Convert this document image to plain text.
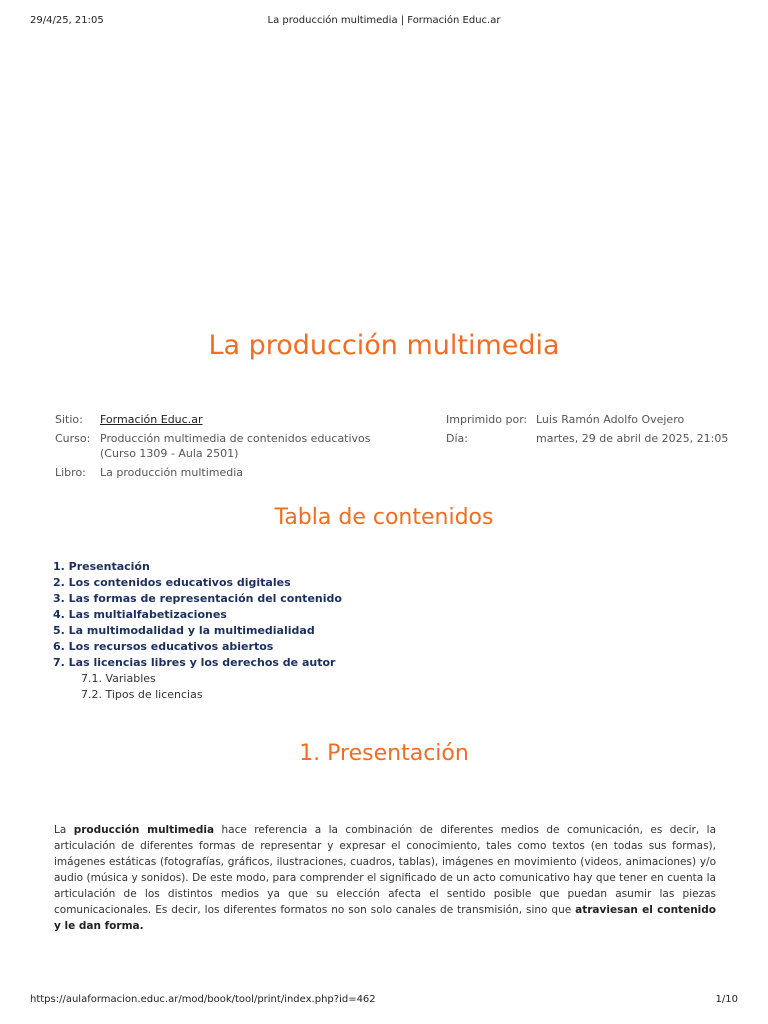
29/4/25, 21:05	La producción multimedia | Formación Educ.ar
La producción multimedia
Sitio:	Formación Educ.ar
Curso: Producción multimedia de contenidos educativos (Curso 1309 - Aula 2501)
Libro:	La producción multimedia
Imprimido por: Luis Ramón Adolfo Ovejero
Día:	martes, 29 de abril de 2025, 21:05
Tabla de contenidos
1. Presentación
2. Los contenidos educativos digitales
3. Las formas de representación del contenido
4. Las multialfabetizaciones
5. La multimodalidad y la multimedialidad
6. Los recursos educativos abiertos
7. Las licencias libres y los derechos de autor
7.1. Variables
7.2. Tipos de licencias
1. Presentación

La producción multimedia hace referencia a la combinación de diferentes medios de comunicación, es decir, la articulación de diferentes formas de representar y expresar el conocimiento, tales como textos (en todas sus formas), imágenes estáticas (fotografías, gráficos, ilustraciones, cuadros, tablas), imágenes en movimiento (videos, animaciones) y/o audio (música y sonidos). De este modo, para comprender el significado de un acto comunicativo hay que tener en cuenta la articulación de los distintos medios ya que su elección afecta el sentido posible que puedan asumir las piezas comunicacionales. Es decir, los diferentes formatos no son solo canales de transmisión, sino que atraviesan el contenido y le dan forma.

https://aulaformacion.educ.ar/mod/book/tool/print/index.php?id=462	1/10
